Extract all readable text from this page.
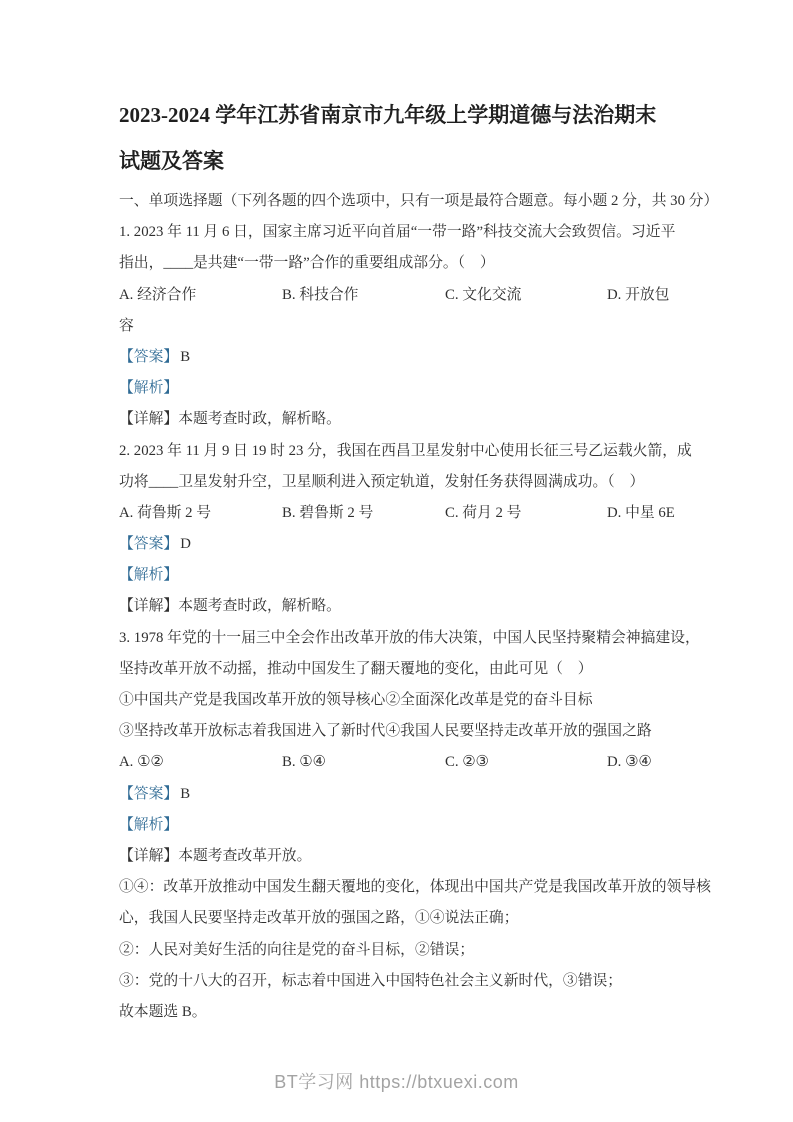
2023-2024 学年江苏省南京市九年级上学期道德与法治期末
试题及答案
一、单项选择题（下列各题的四个选项中，只有一项是最符合题意。每小题 2 分，共 30 分）
1. 2023 年 11 月 6 日，国家主席习近平向首届“一带一路”科技交流大会致贺信。习近平
指出，____是共建“一带一路”合作的重要组成部分。（　）
A. 经济合作	B. 科技合作	C. 文化交流	D. 开放包
容
【答案】 B
【解析】
【详解】本题考查时政，解析略。
2. 2023 年 11 月 9 日 19 时 23 分，我国在西昌卫星发射中心使用长征三号乙运载火箭，成
功将____卫星发射升空，卫星顺利进入预定轨道，发射任务获得圆满成功。（　）
A. 荷鲁斯 2 号	B. 碧鲁斯 2 号	C. 荷月 2 号	D. 中星 6E
【答案】 D
【解析】
【详解】本题考查时政，解析略。
3. 1978 年党的十一届三中全会作出改革开放的伟大决策，中国人民坚持聚精会神搞建设，
坚持改革开放不动摇，推动中国发生了翻天覆地的变化，由此可见（　）
①中国共产党是我国改革开放的领导核心②全面深化改革是党的奋斗目标
③坚持改革开放标志着我国进入了新时代④我国人民要坚持走改革开放的强国之路
A. ①②	B. ①④	C. ②③	D. ③④
【答案】 B
【解析】
【详解】本题考查改革开放。
①④：改革开放推动中国发生翻天覆地的变化，体现出中国共产党是我国改革开放的领导核
心，我国人民要坚持走改革开放的强国之路，①④说法正确；
②：人民对美好生活的向往是党的奋斗目标，②错误；
③：党的十八大的召开，标志着中国进入中国特色社会主义新时代，③错误；
故本题选 B。
BT学习网 https://btxuexi.com
